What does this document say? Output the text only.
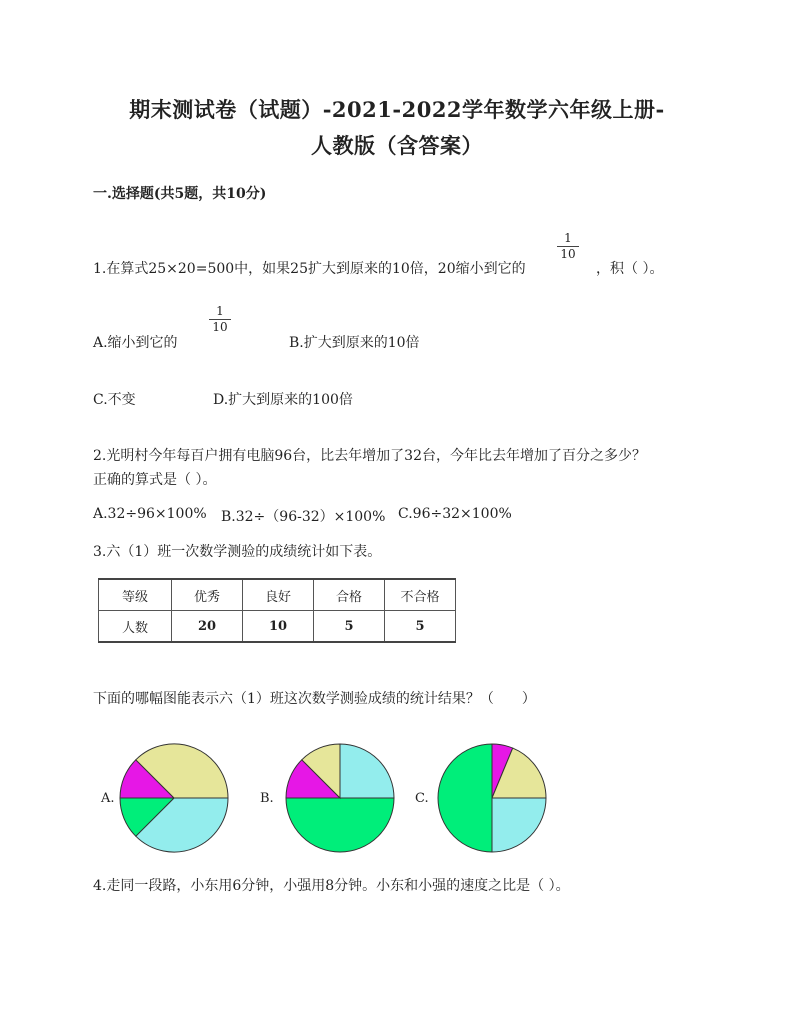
期末测试卷（试题）-2021-2022学年数学六年级上册-
人教版（含答案）
一.选择题(共5题，共10分)
1.在算式25×20=500中，如果25扩大到原来的10倍，20缩小到它的
1
10
，积（ ）。
A.缩小到它的
1
10
B.扩大到原来的10倍
C.不变	D.扩大到原来的100倍
2.光明村今年每百户拥有电脑96台，比去年增加了32台，今年比去年增加了百分之多少？
正确的算式是（ ）。
A.32÷96×100% B.32÷（96-32）×100% C.96÷32×100%
3.六（1）班一次数学测验的成绩统计如下表。
等级	优秀	良好	合格	不合格
人数	20	10	5	5
下面的哪幅图能表示六（1）班这次数学测验成绩的统计结果？（　　）
A.	B.	C.
4.走同一段路，小东用6分钟，小强用8分钟。小东和小强的速度之比是（ ）。
